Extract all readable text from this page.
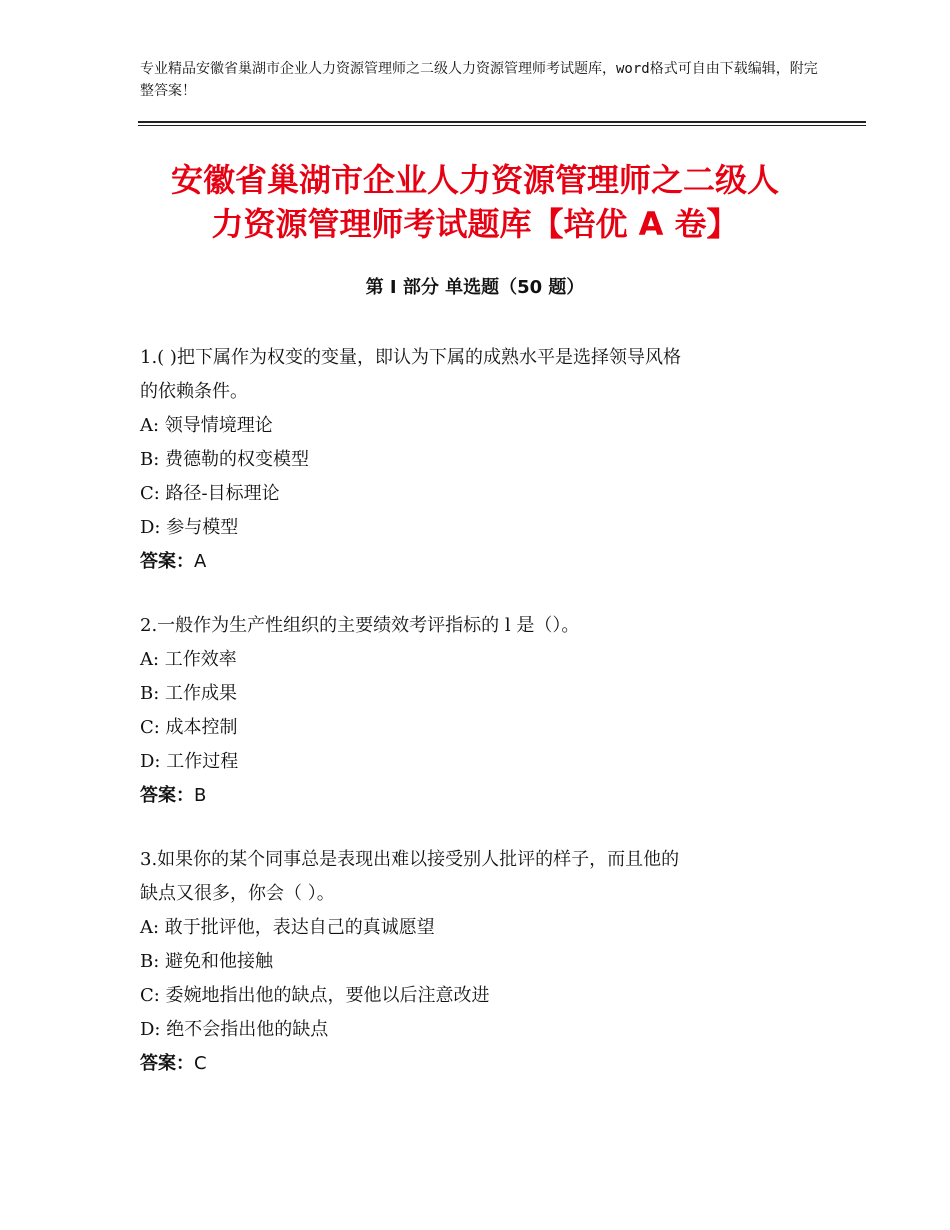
专业精品安徽省巢湖市企业人力资源管理师之二级人力资源管理师考试题库，word格式可自由下载编辑，附完整答案！
安徽省巢湖市企业人力资源管理师之二级人
力资源管理师考试题库【培优 A 卷】
第 I 部分 单选题（50 题）
1.( )把下属作为权变的变量，即认为下属的成熟水平是选择领导风格
的依赖条件。
A: 领导情境理论
B: 费德勒的权变模型
C: 路径-目标理论
D: 参与模型
答案：A
2.一般作为生产性组织的主要绩效考评指标的 l 是（）。
A: 工作效率
B: 工作成果
C: 成本控制
D: 工作过程
答案：B
3.如果你的某个同事总是表现出难以接受别人批评的样子，而且他的
缺点又很多，你会（ ）。
A: 敢于批评他，表达自己的真诚愿望
B: 避免和他接触
C: 委婉地指出他的缺点，要他以后注意改进
D: 绝不会指出他的缺点
答案：C
